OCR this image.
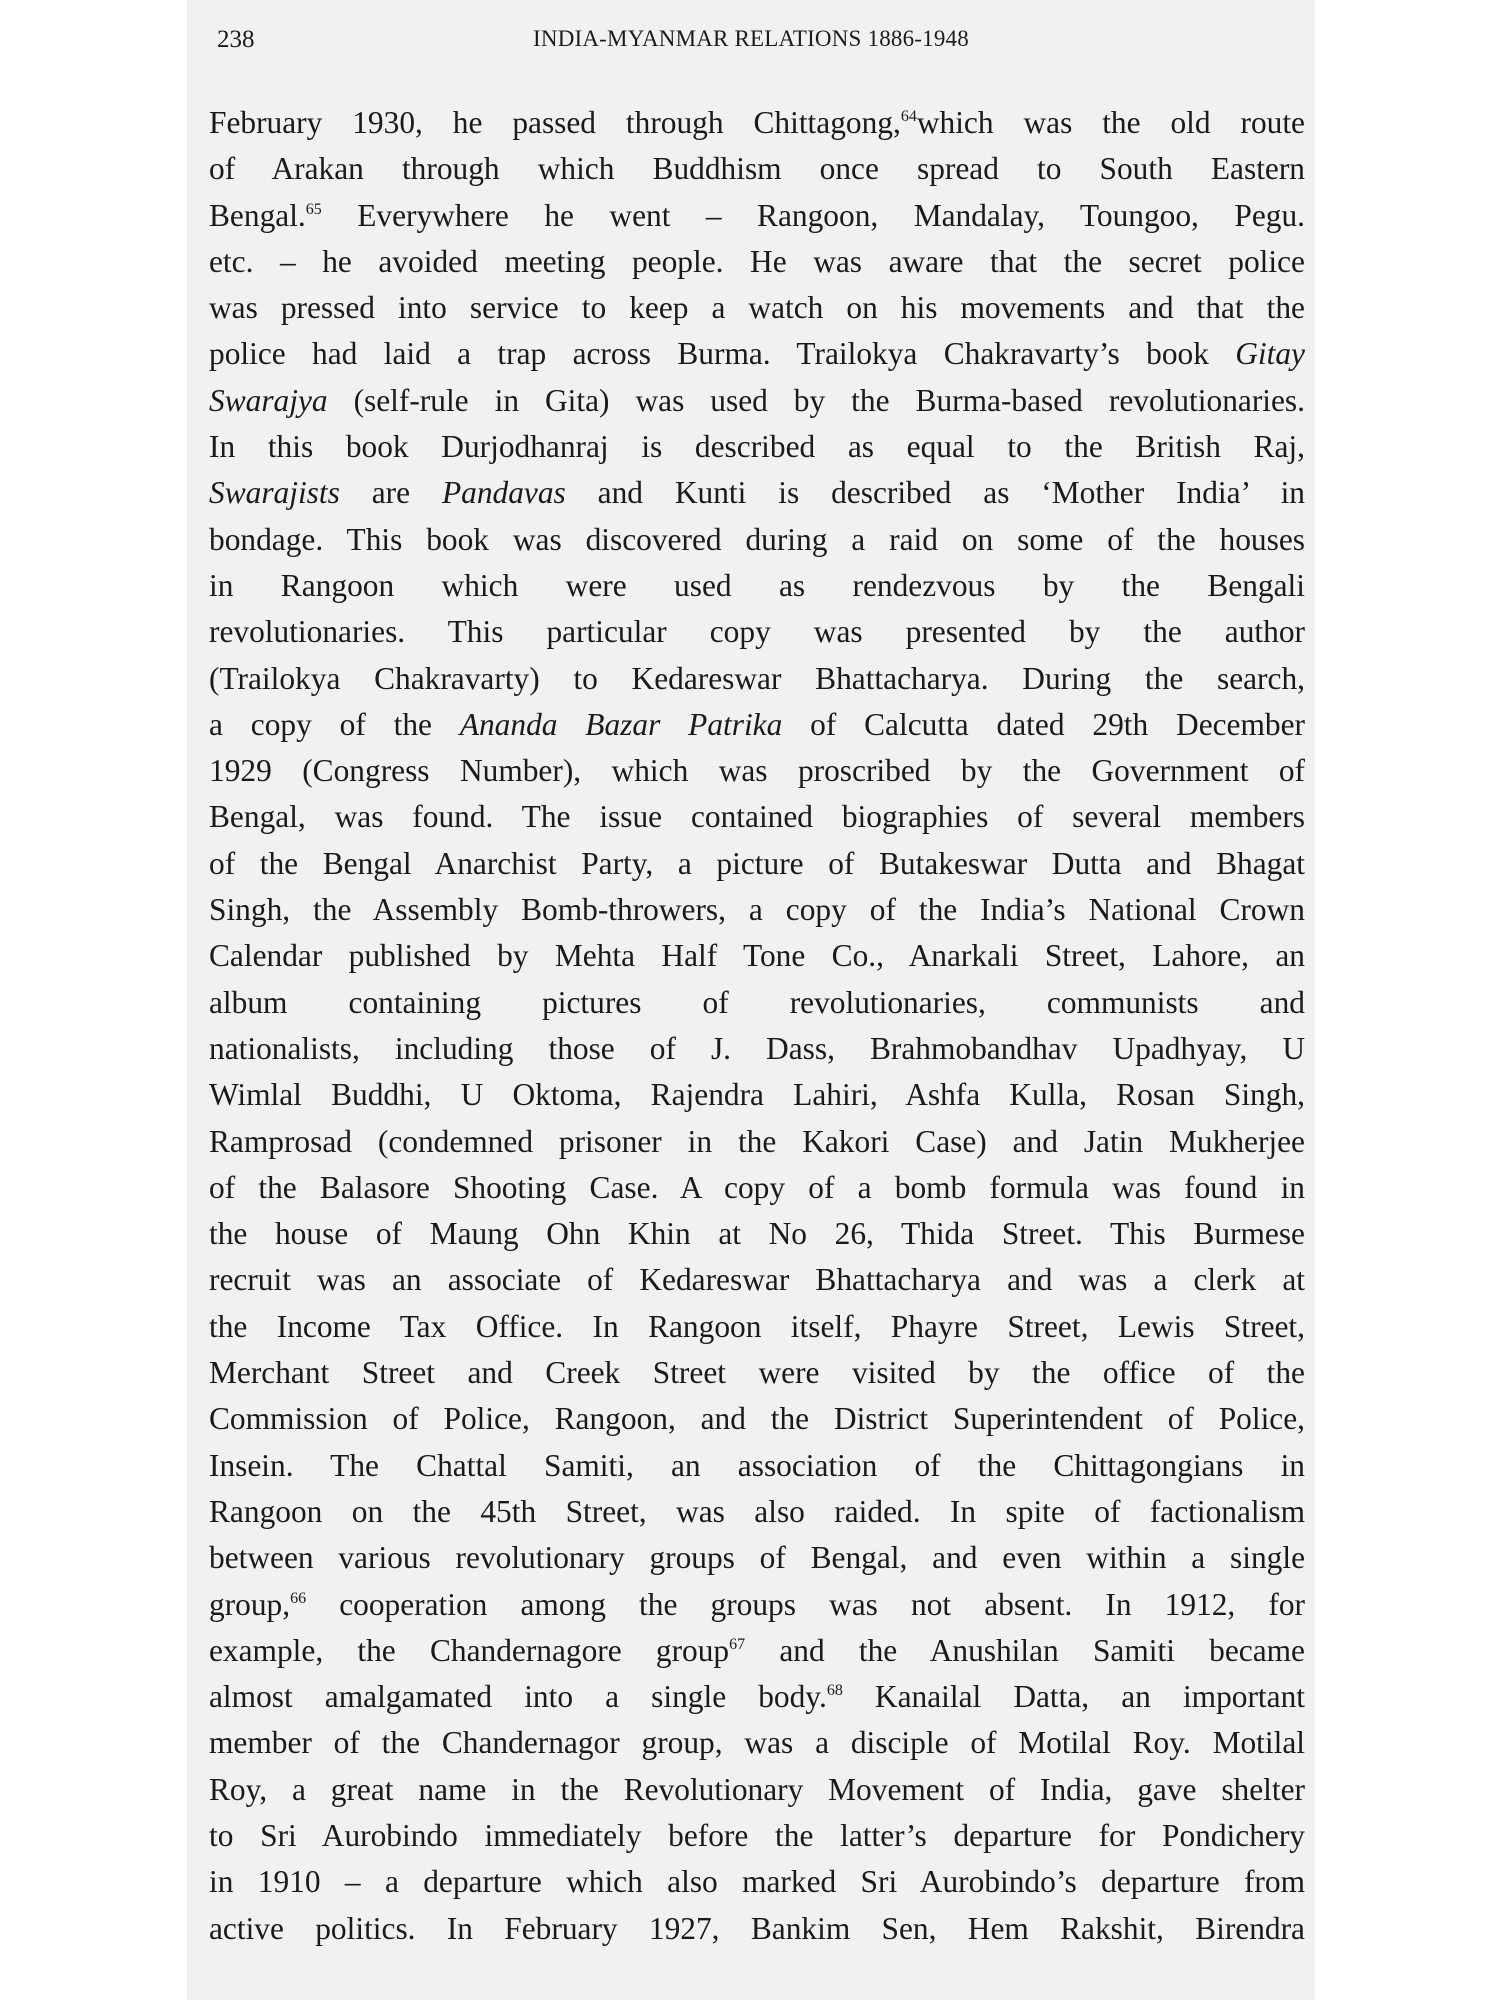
238	INDIA-MYANMAR RELATIONS 1886-1948
February 1930, he passed through Chittagong,$^{64}$which was the old route
of Arakan through which Buddhism once spread to South Eastern
Bengal.$^{65}$ Everywhere he went – Rangoon, Mandalay, Toungoo, Pegu.
etc. – he avoided meeting people. He was aware that the secret police
was pressed into service to keep a watch on his movements and that the
police had laid a trap across Burma. Trailokya Chakravarty’s book Gitay
Swarajya (self-rule in Gita) was used by the Burma-based revolutionaries.
In this book Durjodhanraj is described as equal to the British Raj,
Swarajists are Pandavas and Kunti is described as ‘Mother India’ in
bondage. This book was discovered during a raid on some of the houses
in Rangoon which were used as rendezvous by the Bengali
revolutionaries. This particular copy was presented by the author
(Trailokya Chakravarty) to Kedareswar Bhattacharya. During the search,
a copy of the Ananda Bazar Patrika of Calcutta dated 29th December
1929 (Congress Number), which was proscribed by the Government of
Bengal, was found. The issue contained biographies of several members
of the Bengal Anarchist Party, a picture of Butakeswar Dutta and Bhagat
Singh, the Assembly Bomb-throwers, a copy of the India’s National Crown
Calendar published by Mehta Half Tone Co., Anarkali Street, Lahore, an
album containing pictures of revolutionaries, communists and
nationalists, including those of J. Dass, Brahmobandhav Upadhyay, U
Wimlal Buddhi, U Oktoma, Rajendra Lahiri, Ashfa Kulla, Rosan Singh,
Ramprosad (condemned prisoner in the Kakori Case) and Jatin Mukherjee
of the Balasore Shooting Case. A copy of a bomb formula was found in
the house of Maung Ohn Khin at No 26, Thida Street. This Burmese
recruit was an associate of Kedareswar Bhattacharya and was a clerk at
the Income Tax Office. In Rangoon itself, Phayre Street, Lewis Street,
Merchant Street and Creek Street were visited by the office of the
Commission of Police, Rangoon, and the District Superintendent of Police,
Insein. The Chattal Samiti, an association of the Chittagongians in
Rangoon on the 45th Street, was also raided. In spite of factionalism
between various revolutionary groups of Bengal, and even within a single
group,$^{66}$ cooperation among the groups was not absent. In 1912, for
example, the Chandernagore group$^{67}$ and the Anushilan Samiti became
almost amalgamated into a single body.$^{68}$ Kanailal Datta, an important
member of the Chandernagor group, was a disciple of Motilal Roy. Motilal
Roy, a great name in the Revolutionary Movement of India, gave shelter
to Sri Aurobindo immediately before the latter’s departure for Pondichery
in 1910 – a departure which also marked Sri Aurobindo’s departure from
active politics. In February 1927, Bankim Sen, Hem Rakshit, Birendra
